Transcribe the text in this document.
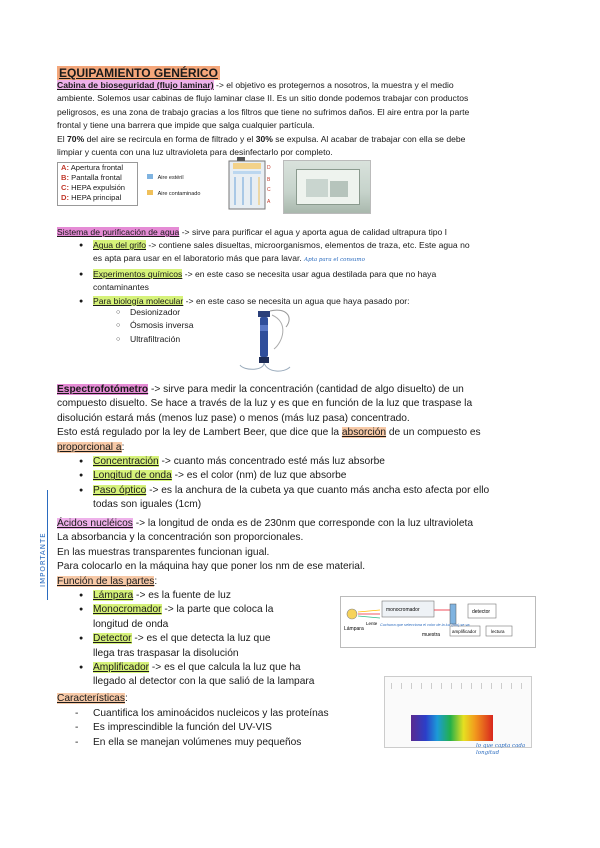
EQUIPAMIENTO GENÉRICO
Cabina de bioseguridad (flujo laminar) -> el objetivo es protegernos a nosotros, la muestra y el medio
ambiente. Solemos usar cabinas de flujo laminar clase II. Es un sitio donde podemos trabajar con productos
peligrosos, es una zona de trabajo gracias a los filtros que tiene no sufrimos daños. El aire entra por la parte
frontal y tiene una barrera que impide que salga cualquier partícula.
El 70% del aire se recircula en forma de filtrado y el 30% se expulsa. Al acabar de trabajar con ella se debe
limpiar y cuenta con una luz ultravioleta para desinfectarlo por completo.
A: Apertura frontal
B: Pantalla frontal
C: HEPA expulsión
D: HEPA principal
Aire estéril
Aire contaminado
D
B
C
A
Sistema de purificación de agua -> sirve para purificar el agua y aporta agua de calidad ultrapura tipo I
● Agua del grifo -> contiene sales disueltas, microorganismos, elementos de traza, etc. Este agua no
es apta para usar en el laboratorio más que para lavar. Apta para el consumo
● Experimentos químicos -> en este caso se necesita usar agua destilada para que no haya
contaminantes
● Para biología molecular -> en este caso se necesita un agua que haya pasado por:
○ Desionizador
○ Ósmosis inversa
○ Ultrafiltración
Espectrofotómetro -> sirve para medir la concentración (cantidad de algo disuelto) de un
compuesto disuelto. Se hace a través de la luz y es que en función de la luz que traspase la
disolución estará más (menos luz pase) o menos (más luz pasa) concentrado.
Esto está regulado por la ley de Lambert Beer, que dice que la absorción de un compuesto es
proporcional a:
● Concentración -> cuanto más concentrado esté más luz absorbe
● Longitud de onda -> es el color (nm) de luz que absorbe
● Paso óptico -> es la anchura de la cubeta ya que cuanto más ancha esto afecta por ello
todas son iguales (1cm)
Ácidos nucléicos -> la longitud de onda es de 230nm que corresponde con la luz ultravioleta
La absorbancia y la concentración son proporcionales.
En las muestras transparentes funcionan igual.
Para colocarlo en la máquina hay que poner los nm de ese material.
Función de las partes:
IMPORTANTE
● Lámpara -> es la fuente de luz
● Monocromador -> la parte que coloca la
longitud de onda
● Detector -> es el que detecta la luz que
llega tras traspasar la disolución
● Amplificador -> es el que calcula la luz que ha
llegado al detector con la que salió de la lampara
Características:
- Cuantifica los aminoácidos nucleicos y las proteínas
- Es imprescindible la función del UV-VIS
- En ella se manejan volúmenes muy pequeños
Lámpara
Lente
monocromador	detector
amplificador	lectura
muestra
Cuchurra que selecciona el color de la luz (nm) se va
lo que capta cada longitud
